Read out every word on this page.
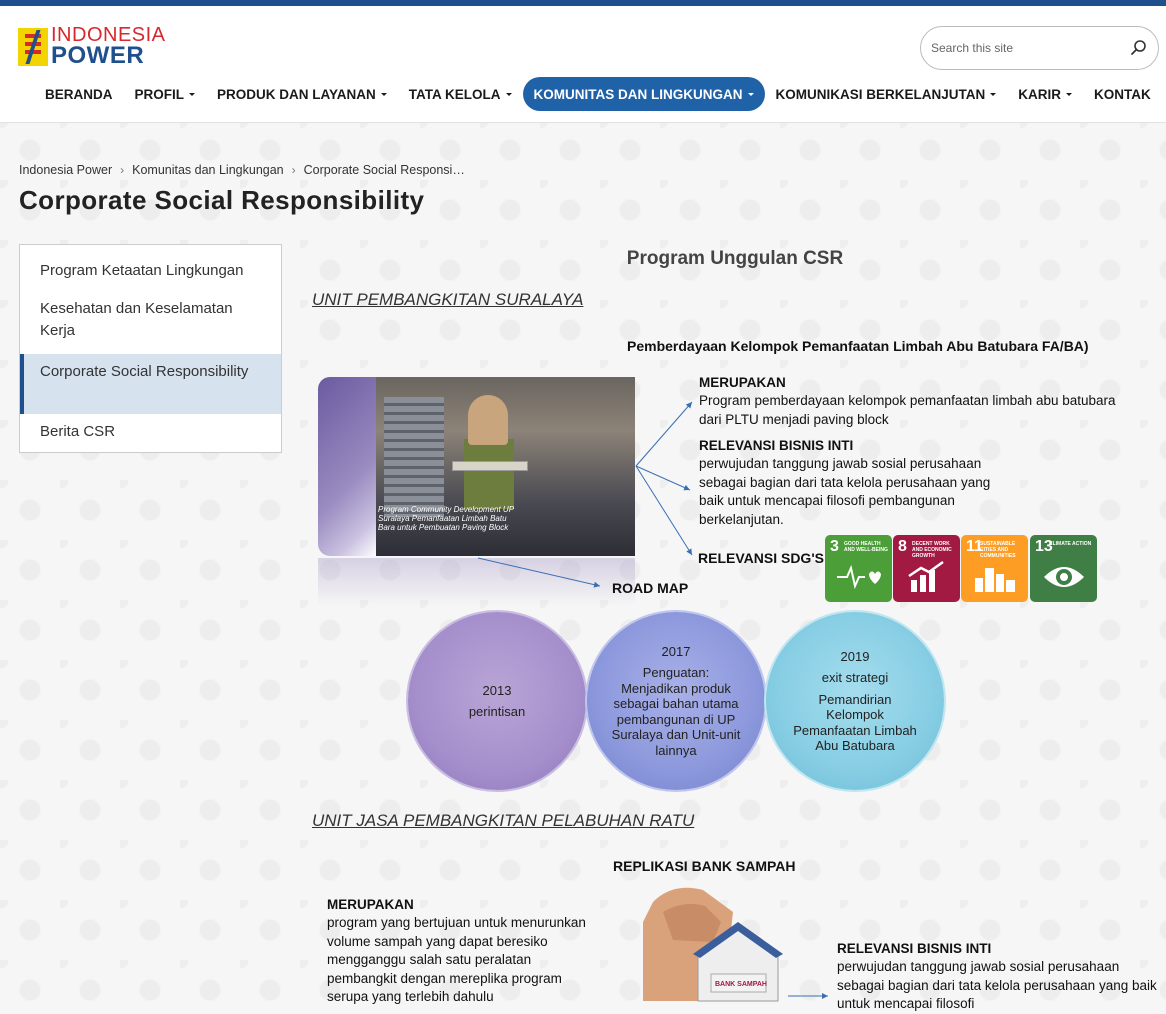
INDONESIA
POWER
Search this site
BERANDA PROFIL PRODUK DAN LAYANAN TATA KELOLA KOMUNITAS DAN LINGKUNGAN KOMUNIKASI BERKELANJUTAN KARIR KONTAK
Indonesia Power › Komunitas dan Lingkungan › Corporate Social Responsi…
Corporate Social Responsibility
Program Ketaatan Lingkungan
Kesehatan dan Keselamatan Kerja
Corporate Social Responsibility
Berita CSR
Program Unggulan CSR
UNIT PEMBANGKITAN SURALAYA
Pemberdayaan Kelompok Pemanfaatan Limbah Abu Batubara FA/BA)
Program Community Development UP Suralaya Pemanfaatan Limbah Batu Bara untuk Pembuatan Paving Block
MERUPAKAN
Program pemberdayaan kelompok pemanfaatan limbah abu batubara dari PLTU menjadi paving block
RELEVANSI BISNIS INTI
perwujudan tanggung jawab sosial perusahaan sebagai bagian dari tata kelola perusahaan yang baik untuk mencapai filosofi pembangunan berkelanjutan.
RELEVANSI SDG'S
3 GOOD HEALTH AND WELL-BEING 8 DECENT WORK AND ECONOMIC GROWTH
11
SUSTAINABLE CITIES AND COMMUNITIES
13
CLIMATE ACTION
ROAD MAP
2013
perintisan
2017
Penguatan: Menjadikan produk sebagai bahan utama pembangunan di UP Suralaya dan Unit-unit lainnya
2019
exit strategi
Pemandirian Kelompok Pemanfaatan Limbah Abu Batubara
UNIT JASA PEMBANGKITAN PELABUHAN RATU
REPLIKASI BANK SAMPAH
MERUPAKAN
program yang bertujuan untuk menurunkan volume sampah yang dapat beresiko mengganggu salah satu peralatan pembangkit dengan mereplika program serupa yang terlebih dahulu
BANK SAMPAH
RELEVANSI BISNIS INTI
perwujudan tanggung jawab sosial perusahaan sebagai bagian dari tata kelola perusahaan yang baik untuk mencapai filosofi
